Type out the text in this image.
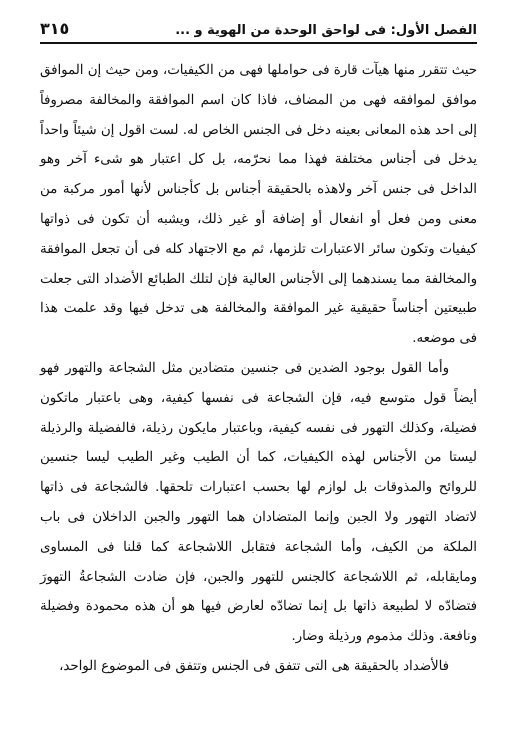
الفصل الأول: فى لواحق الوحدة من الهوية و ...
٣١٥

حيث تتقرر منها هيآت قارة فى حواملها فهى من الكيفيات، ومن حيث إن الموافق موافق لموافقه فهى من المضاف، فاذا كان اسم الموافقة والمخالفة مصروفاً إلى احد هذه المعانى بعينه دخل فى الجنس الخاص له. لست اقول إن شيئاً واحداً يدخل فى أجناس مختلفة فهذا مما نحرّمه، بل كل اعتبار هو شىء آخر وهو الداخل فى جنس آخر ولاهذه بالحقيقة أجناس بل كأجناس لأنها أمور مركبة من معنى ومن فعل أو انفعال أو إضافة أو غير ذلك، ويشبه أن تكون فى ذواتها كيفيات وتكون سائر الاعتبارات تلزمها، ثم مع الاجتهاد كله فى أن تجعل الموافقة والمخالفة مما يسندهما إلى الأجناس العالية فإن لتلك الطبائع الأضداد التى جعلت طبيعتين أجناساً حقيقية غير الموافقة والمخالفة هى تدخل فيها وقد علمت هذا فى موضعه.

وأما القول بوجود الضدين فى جنسين متضادين مثل الشجاعة والتهور فهو أيضاً قول متوسع فيه، فإن الشجاعة فى نفسها كيفية، وهى باعتبار ماتكون فضيلة، وكذلك التهور فى نفسه كيفية، وباعتبار مايكون رذيلة، فالفضيلة والرذيلة ليستا من الأجناس لهذه الكيفيات، كما أن الطيب وغير الطيب ليسا جنسين للروائح والمذوقات بل لوازم لها بحسب اعتبارات تلحقها. فالشجاعة فى ذاتها لاتضاد التهور ولا الجبن وإنما المتضادان هما التهور والجبن الداخلان فى باب الملكة من الكيف، وأما الشجاعة فتقابل اللاشجاعة كما قلنا فى المساوى ومايقابله، ثم اللاشجاعة كالجنس للتهور والجبن، فإن ضادت الشجاعةُ التهورَ فتضادّه لا لطبيعة ذاتها بل إنما تضادّه لعارض فيها هو أن هذه محمودة وفضيلة ونافعة. وذلك مذموم ورذيلة وضار.

فالأضداد بالحقيقة هى التى تتفق فى الجنس وتتفق فى الموضوع الواحد،
